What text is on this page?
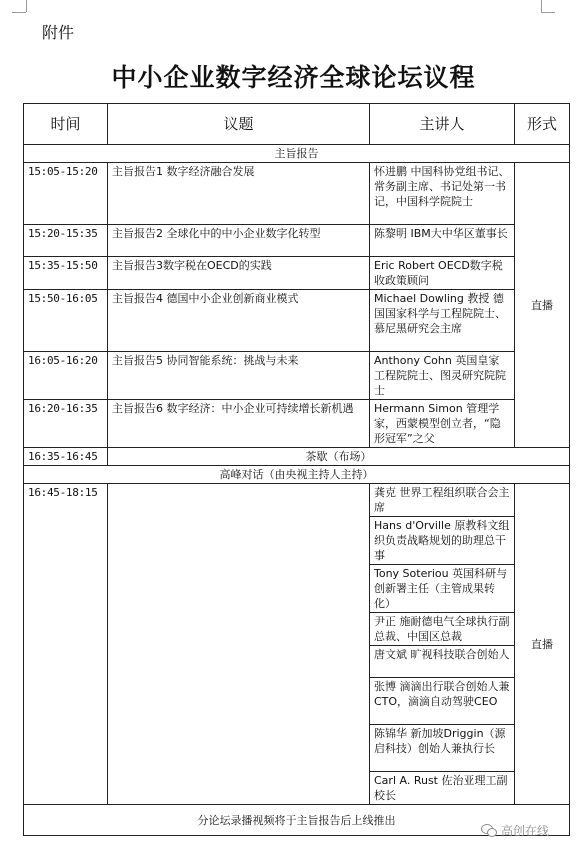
附件
中小企业数字经济全球论坛议程
时间	议题	主讲人	形式
主旨报告			
15:05-15:20	主旨报告1 数字经济融合发展	怀进鹏 中国科协党组书记、常务副主席、书记处第一书记，中国科学院院士	直播
15:20-15:35	主旨报告2 全球化中的中小企业数字化转型	陈黎明 IBM大中华区董事长	
15:35-15:50	主旨报告3数字税在OECD的实践	Eric Robert OECD数字税收政策顾问	
15:50-16:05	主旨报告4 德国中小企业创新商业模式	Michael Dowling 教授 德国国家科学与工程院院士、慕尼黑研究会主席	
16:05-16:20	主旨报告5 协同智能系统：挑战与未来	Anthony Cohn 英国皇家工程院院士、图灵研究院院士	
16:20-16:35	主旨报告6 数字经济：中小企业可持续增长新机遇	Hermann Simon 管理学家，西蒙模型创立者，“隐形冠军”之父	
16:35-16:45	茶歇（布场）		
高峰对话（由央视主持人主持）			
16:45-18:15		龚克 世界工程组织联合会主席	直播
		Hans d'Orville 原教科文组织负责战略规划的助理总干事	
		Tony Soteriou 英国科研与创新署主任（主管成果转化）	
		尹正 施耐德电气全球执行副总裁、中国区总裁	
		唐文斌 旷视科技联合创始人	
		张博 滴滴出行联合创始人兼CTO，滴滴自动驾驶CEO	
		陈锦华 新加坡Driggin（源启科技）创始人兼执行长	
		Carl A. Rust 佐治亚理工副校长	
分论坛录播视频将于主旨报告后上线推出			
高创在线
